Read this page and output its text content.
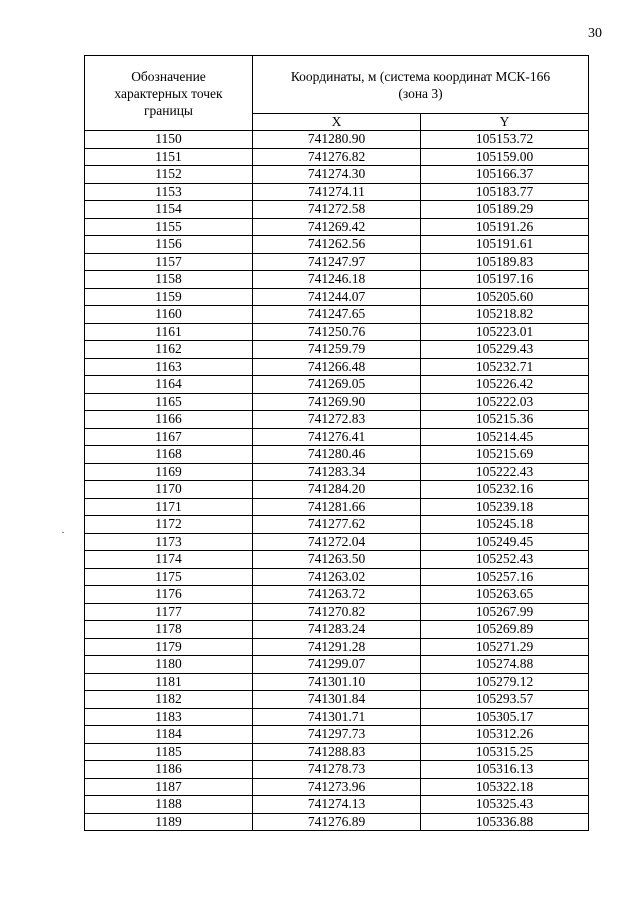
30
Обозначение характерных точек границы	Координаты, м (система координат МСК-166 (зона 3)	
	X	Y
1150	741280.90	105153.72
1151	741276.82	105159.00
1152	741274.30	105166.37
1153	741274.11	105183.77
1154	741272.58	105189.29
1155	741269.42	105191.26
1156	741262.56	105191.61
1157	741247.97	105189.83
1158	741246.18	105197.16
1159	741244.07	105205.60
1160	741247.65	105218.82
1161	741250.76	105223.01
1162	741259.79	105229.43
1163	741266.48	105232.71
1164	741269.05	105226.42
1165	741269.90	105222.03
1166	741272.83	105215.36
1167	741276.41	105214.45
1168	741280.46	105215.69
1169	741283.34	105222.43
1170	741284.20	105232.16
1171	741281.66	105239.18
1172	741277.62	105245.18
1173	741272.04	105249.45
1174	741263.50	105252.43
1175	741263.02	105257.16
1176	741263.72	105263.65
1177	741270.82	105267.99
1178	741283.24	105269.89
1179	741291.28	105271.29
1180	741299.07	105274.88
1181	741301.10	105279.12
1182	741301.84	105293.57
1183	741301.71	105305.17
1184	741297.73	105312.26
1185	741288.83	105315.25
1186	741278.73	105316.13
1187	741273.96	105322.18
1188	741274.13	105325.43
1189	741276.89	105336.88
